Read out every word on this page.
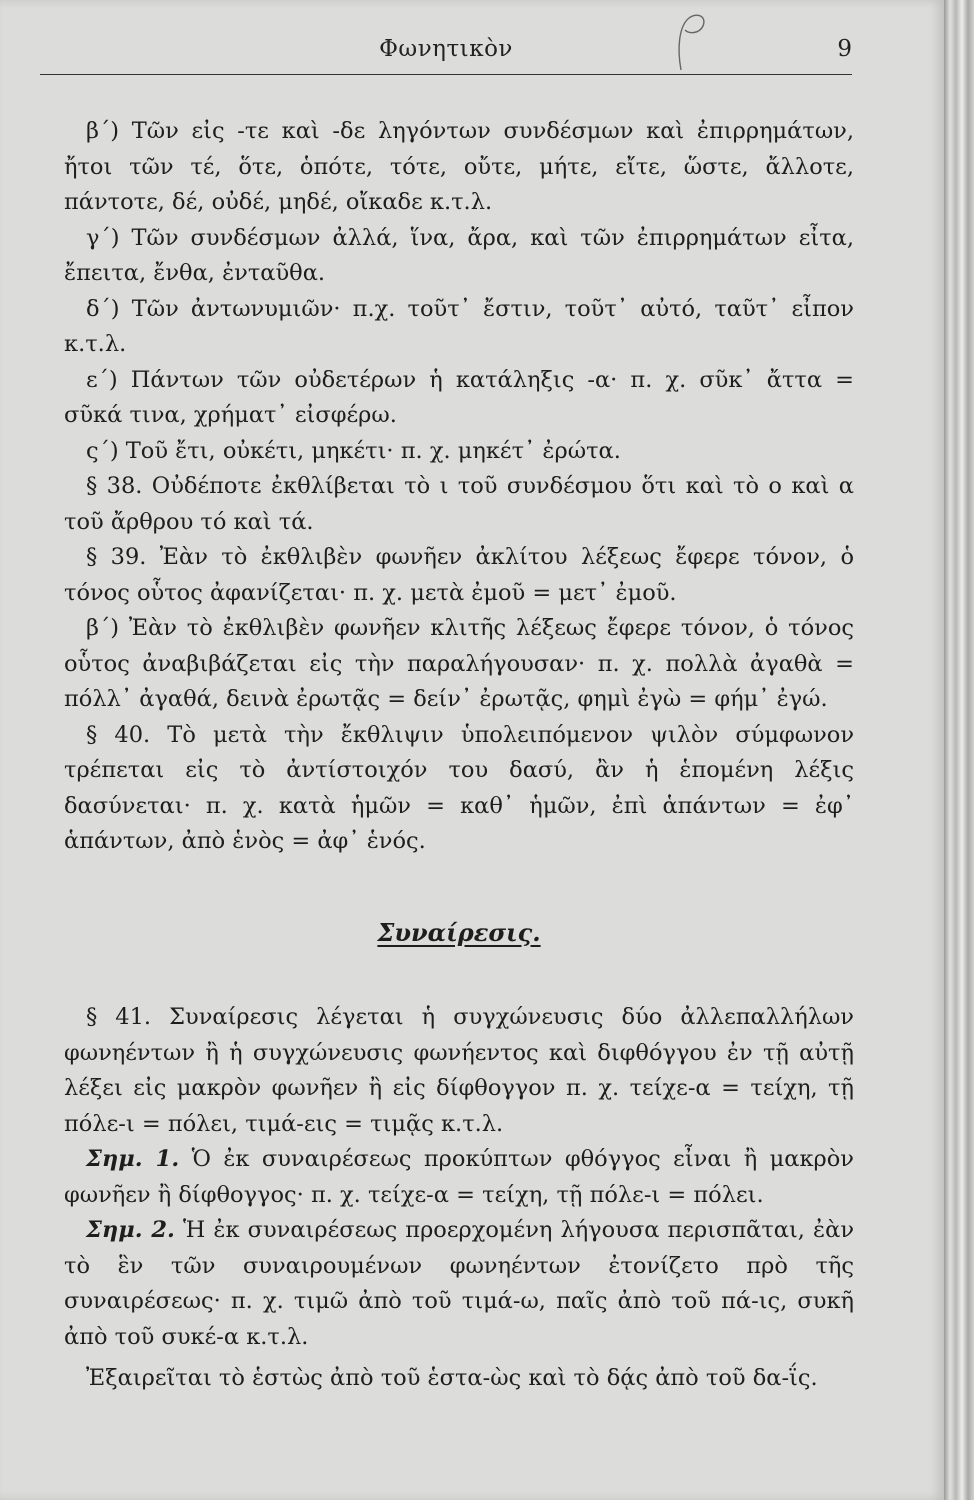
Φωνητικὸν	9

β΄) Τῶν εἰς -τε καὶ -δε ληγόντων συνδέσμων καὶ ἐπιρρημάτων, ἤτοι τῶν τέ, ὅτε, ὁπότε, τότε, οὔτε, μήτε, εἴτε, ὥστε, ἄλλοτε, πάντοτε, δέ, οὐδέ, μηδέ, οἴκαδε κ.τ.λ.

γ΄) Τῶν συνδέσμων ἀλλά, ἵνα, ἄρα, καὶ τῶν ἐπιρρημάτων εἶτα, ἔπειτα, ἔνθα, ἐνταῦθα.

δ΄) Τῶν ἀντωνυμιῶν· π.χ. τοῦτ᾿ ἔστιν, τοῦτ᾿ αὐτό, ταῦτ᾿ εἶπον κ.τ.λ.

ε΄) Πάντων τῶν οὐδετέρων ἡ κατάληξις -α· π. χ. σῦκ᾿ ἄττα = σῦκά τινα, χρήματ᾿ εἰσφέρω.

ς΄) Τοῦ ἔτι, οὐκέτι, μηκέτι· π. χ. μηκέτ᾿ ἐρώτα.

§ 38. Οὐδέποτε ἐκθλίβεται τὸ ι τοῦ συνδέσμου ὅτι καὶ τὸ ο καὶ α τοῦ ἄρθρου τό καὶ τά.

§ 39. Ἐὰν τὸ ἐκθλιβὲν φωνῆεν ἀκλίτου λέξεως ἔφερε τόνον, ὁ τόνος οὗτος ἀφανίζεται· π. χ. μετὰ ἐμοῦ = μετ᾿ ἐμοῦ.

β΄) Ἐὰν τὸ ἐκθλιβὲν φωνῆεν κλιτῆς λέξεως ἔφερε τόνον, ὁ τόνος οὗτος ἀναβιβάζεται εἰς τὴν παραλήγουσαν· π. χ. πολλὰ ἀγαθὰ = πόλλ᾿ ἀγαθά, δεινὰ ἐρωτᾷς = δείν᾿ ἐρωτᾷς, φημὶ ἐγὼ = φήμ᾿ ἐγώ.

§ 40. Τὸ μετὰ τὴν ἔκθλιψιν ὑπολειπόμενον ψιλὸν σύμφωνον τρέπεται εἰς τὸ ἀντίστοιχόν του δασύ, ἂν ἡ ἑπομένη λέξις δασύνεται· π. χ. κατὰ ἡμῶν = καθ᾿ ἡμῶν, ἐπὶ ἁπάντων = ἐφ᾿ ἁπάντων, ἀπὸ ἑνὸς = ἀφ᾿ ἑνός.

Συναίρεσις.

§ 41. Συναίρεσις λέγεται ἡ συγχώνευσις δύο ἀλλεπαλλήλων φωνηέντων ἢ ἡ συγχώνευσις φωνήεντος καὶ διφθόγγου ἐν τῇ αὐτῇ λέξει εἰς μακρὸν φωνῆεν ἢ εἰς δίφθογγον π. χ. τείχε-α = τείχη, τῇ πόλε-ι = πόλει, τιμά-εις = τιμᾷς κ.τ.λ.

Σημ. 1. Ὁ ἐκ συναιρέσεως προκύπτων φθόγγος εἶναι ἢ μακρὸν φωνῆεν ἢ δίφθογγος· π. χ. τείχε-α = τείχη, τῇ πόλε-ι = πόλει.

Σημ. 2. Ἡ ἐκ συναιρέσεως προερχομένη λήγουσα περισπᾶται, ἐὰν τὸ ἓν τῶν συναιρουμένων φωνηέντων ἐτονίζετο πρὸ τῆς συναιρέσεως· π. χ. τιμῶ ἀπὸ τοῦ τιμά-ω, παῖς ἀπὸ τοῦ πά-ις, συκῆ ἀπὸ τοῦ συκέ-α κ.τ.λ.

Ἐξαιρεῖται τὸ ἑστὼς ἀπὸ τοῦ ἑστα-ὼς καὶ τὸ δᾴς ἀπὸ τοῦ δα-ΐς.
